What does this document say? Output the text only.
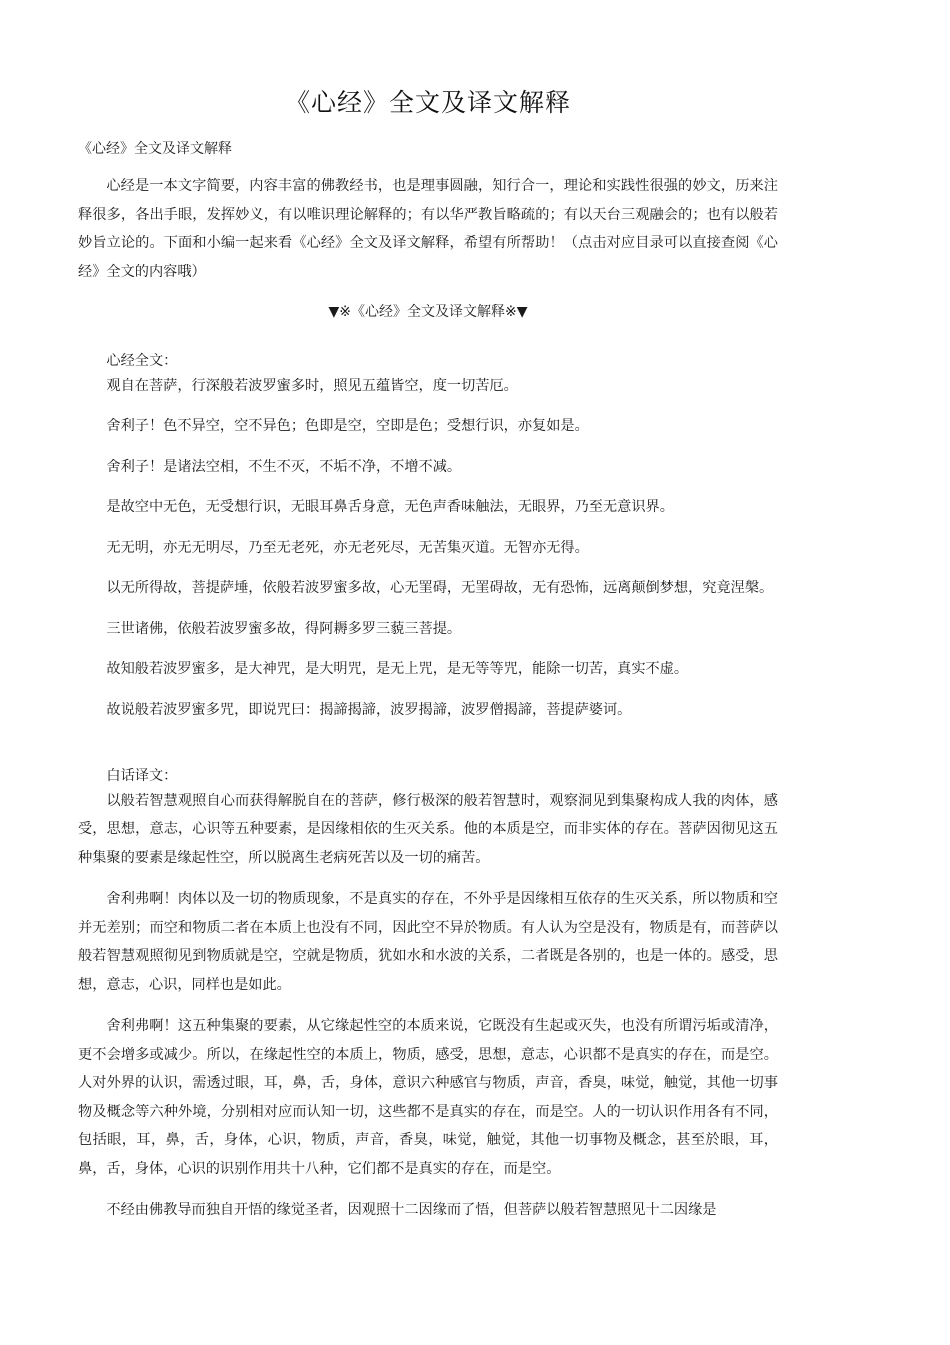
《心经》全文及译文解释

《心经》全文及译文解释

心经是一本文字简要，内容丰富的佛教经书，也是理事圆融，知行合一，理论和实践性很强的妙文，历来注释很多，各出手眼，发挥妙义，有以唯识理论解释的；有以华严教旨略疏的；有以天台三观融会的；也有以般若妙旨立论的。下面和小编一起来看《心经》全文及译文解释，希望有所帮助！（点击对应目录可以直接查阅《心经》全文的内容哦）

▼※《心经》全文及译文解释※▼

心经全文：

观自在菩萨，行深般若波罗蜜多时，照见五蕴皆空，度一切苦厄。

舍利子！色不异空，空不异色；色即是空，空即是色；受想行识，亦复如是。

舍利子！是诸法空相，不生不灭，不垢不净，不增不减。

是故空中无色，无受想行识，无眼耳鼻舌身意，无色声香味触法，无眼界，乃至无意识界。

无无明，亦无无明尽，乃至无老死，亦无老死尽，无苦集灭道。无智亦无得。

以无所得故，菩提萨埵，依般若波罗蜜多故，心无罣碍，无罣碍故，无有恐怖，远离颠倒梦想，究竟涅槃。

三世诸佛，依般若波罗蜜多故，得阿耨多罗三藐三菩提。

故知般若波罗蜜多，是大神咒，是大明咒，是无上咒，是无等等咒，能除一切苦，真实不虚。

故说般若波罗蜜多咒，即说咒曰：揭諦揭諦，波罗揭諦，波罗僧揭諦，菩提萨婆诃。

白话译文：

以般若智慧观照自心而获得解脱自在的菩萨，修行极深的般若智慧时，观察洞见到集聚构成人我的肉体，感受，思想，意志，心识等五种要素，是因缘相依的生灭关系。他的本质是空，而非实体的存在。菩萨因彻见这五种集聚的要素是缘起性空，所以脱离生老病死苦以及一切的痛苦。

舍利弗啊！肉体以及一切的物质现象，不是真实的存在，不外乎是因缘相互依存的生灭关系，所以物质和空并无差别；而空和物质二者在本质上也没有不同，因此空不异於物质。有人认为空是没有，物质是有，而菩萨以般若智慧观照彻见到物质就是空，空就是物质，犹如水和水波的关系，二者既是各别的，也是一体的。感受，思想，意志，心识，同样也是如此。

舍利弗啊！这五种集聚的要素，从它缘起性空的本质来说，它既没有生起或灭失，也没有所谓污垢或清净，更不会增多或减少。所以，在缘起性空的本质上，物质，感受，思想，意志，心识都不是真实的存在，而是空。人对外界的认识，需透过眼，耳，鼻，舌，身体，意识六种感官与物质，声音，香臭，味觉，触觉，其他一切事物及概念等六种外境，分别相对应而认知一切，这些都不是真实的存在，而是空。人的一切认识作用各有不同，包括眼，耳，鼻，舌，身体，心识，物质，声音，香臭，味觉，触觉，其他一切事物及概念，甚至於眼，耳，鼻，舌，身体，心识的识别作用共十八种，它们都不是真实的存在，而是空。

不经由佛教导而独自开悟的缘觉圣者，因观照十二因缘而了悟，但菩萨以般若智慧照见十二因缘是
